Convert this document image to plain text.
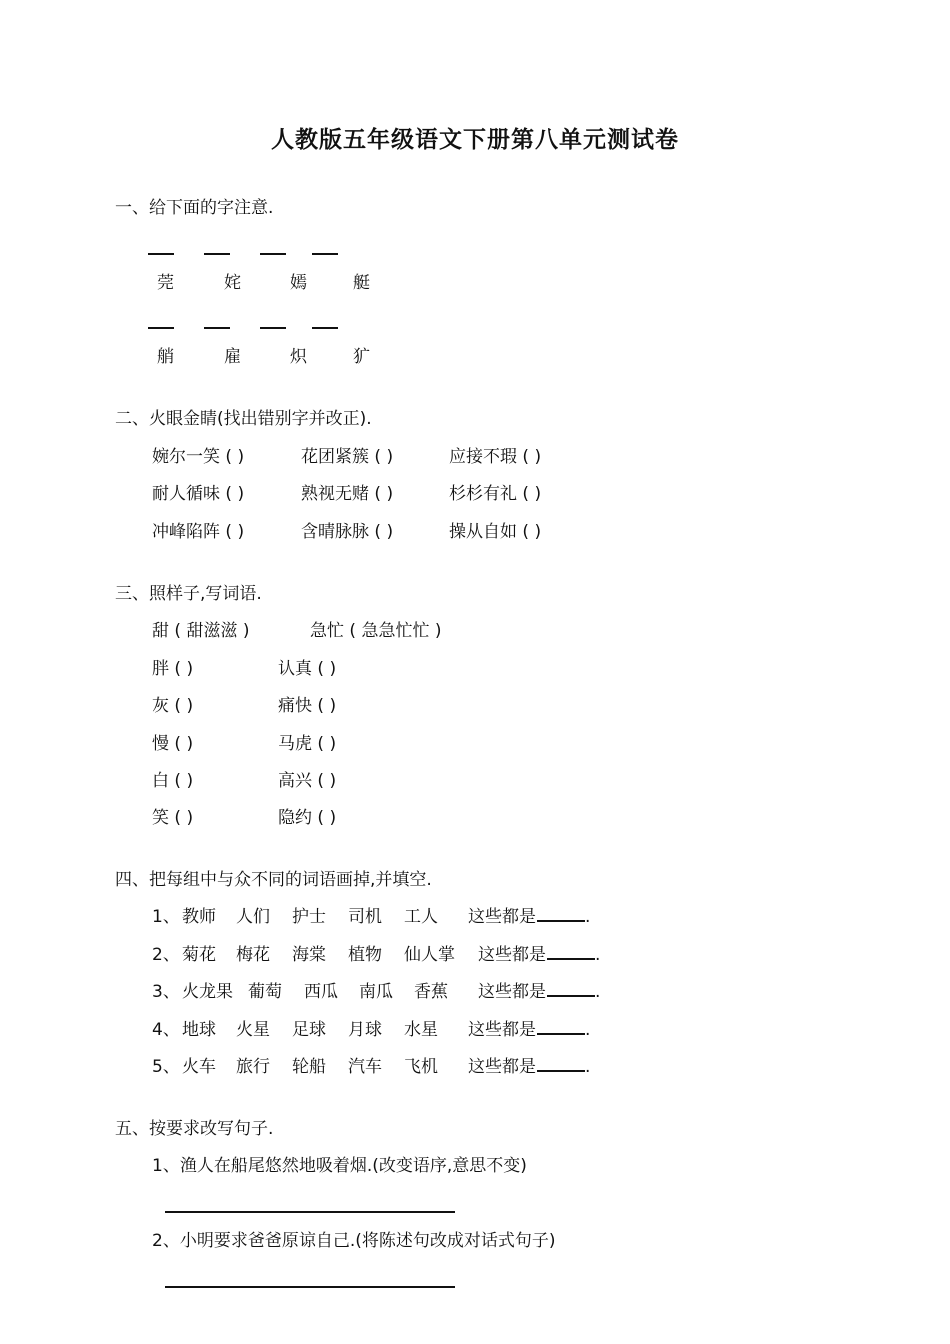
人教版五年级语文下册第八单元测试卷
一、给下面的字注意.
莞	姹	嫣	艇
艄	雇	炽	犷
二、火眼金睛(找出错别字并改正).
婉尔一笑 ( )	花团紧簇 ( )	应接不瑕 ( )
耐人循味 ( )	熟视无赌 ( )	杉杉有礼 ( )
冲峰陷阵 ( )	含晴脉脉 ( )	操从自如 ( )
三、照样子,写词语.
甜 ( 甜滋滋 )	急忙 ( 急急忙忙 )
胖 ( )	认真 ( )
灰 ( )	痛快 ( )
慢 ( )	马虎 ( )
白 ( )	高兴 ( )
笑 ( )	隐约 ( )
四、把每组中与众不同的词语画掉,并填空.
1、 教师 人们 护士 司机 工人 这些都是	.
2、 菊花 梅花 海棠 植物 仙人掌 这些都是	.
3、 火龙果 葡萄 西瓜 南瓜 香蕉 这些都是	.
4、 地球 火星 足球 月球 水星 这些都是	.
5、 火车 旅行 轮船 汽车 飞机 这些都是	.
五、按要求改写句子.
1、渔人在船尾悠然地吸着烟.(改变语序,意思不变)
2、小明要求爸爸原谅自己.(将陈述句改成对话式句子)
